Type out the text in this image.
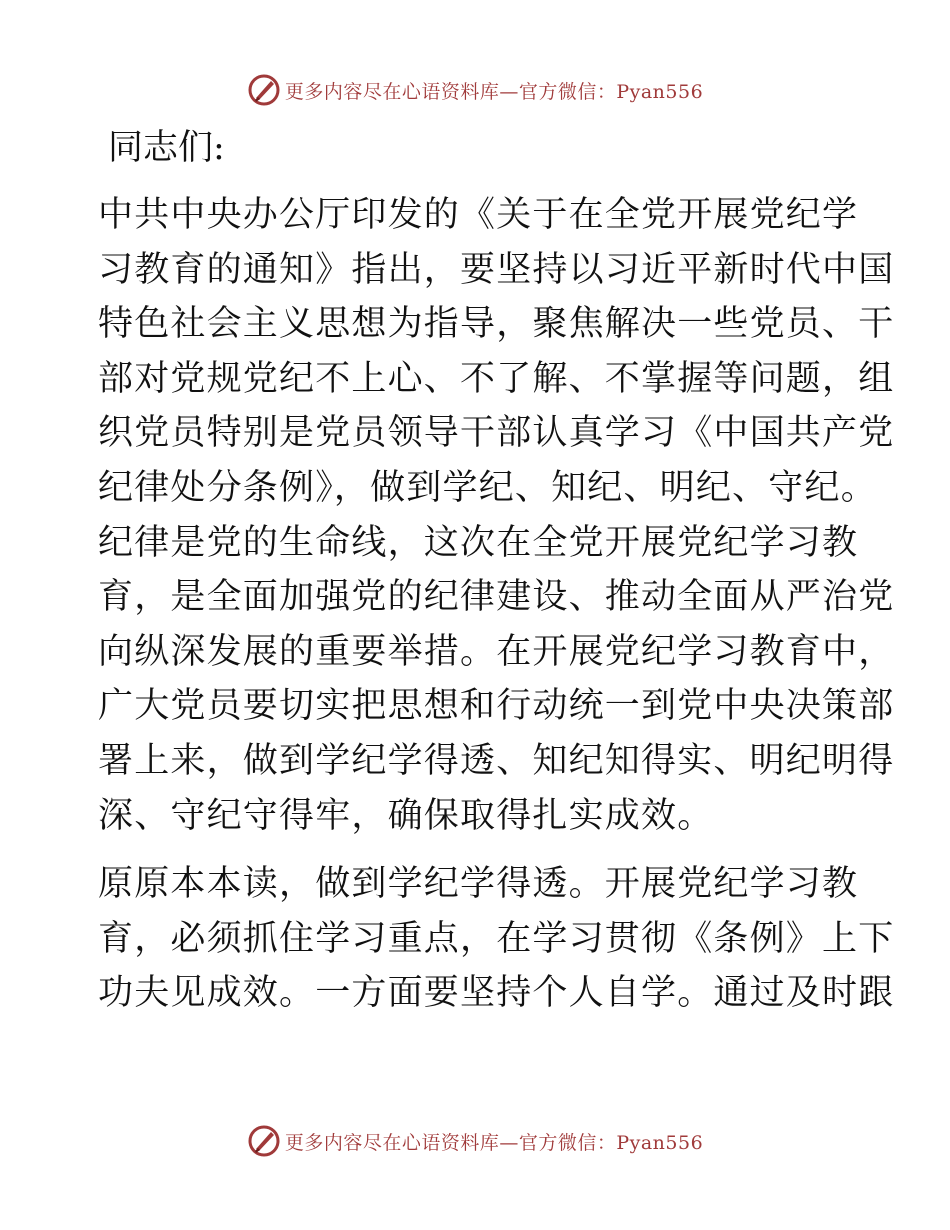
更多内容尽在心语资料库—官方微信：Pyan556
同志们:

中共中央办公厅印发的《关于在全党开展党纪学
习教育的通知》指出，要坚持以习近平新时代中国
特色社会主义思想为指导，聚焦解决一些党员、干
部对党规党纪不上心、不了解、不掌握等问题，组
织党员特别是党员领导干部认真学习《中国共产党
纪律处分条例》，做到学纪、知纪、明纪、守纪。
纪律是党的生命线，这次在全党开展党纪学习教
育，是全面加强党的纪律建设、推动全面从严治党
向纵深发展的重要举措。在开展党纪学习教育中，
广大党员要切实把思想和行动统一到党中央决策部
署上来，做到学纪学得透、知纪知得实、明纪明得
深、守纪守得牢，确保取得扎实成效。

原原本本读，做到学纪学得透。开展党纪学习教
育，必须抓住学习重点，在学习贯彻《条例》上下
功夫见成效。一方面要坚持个人自学。通过及时跟

更多内容尽在心语资料库—官方微信：Pyan556
